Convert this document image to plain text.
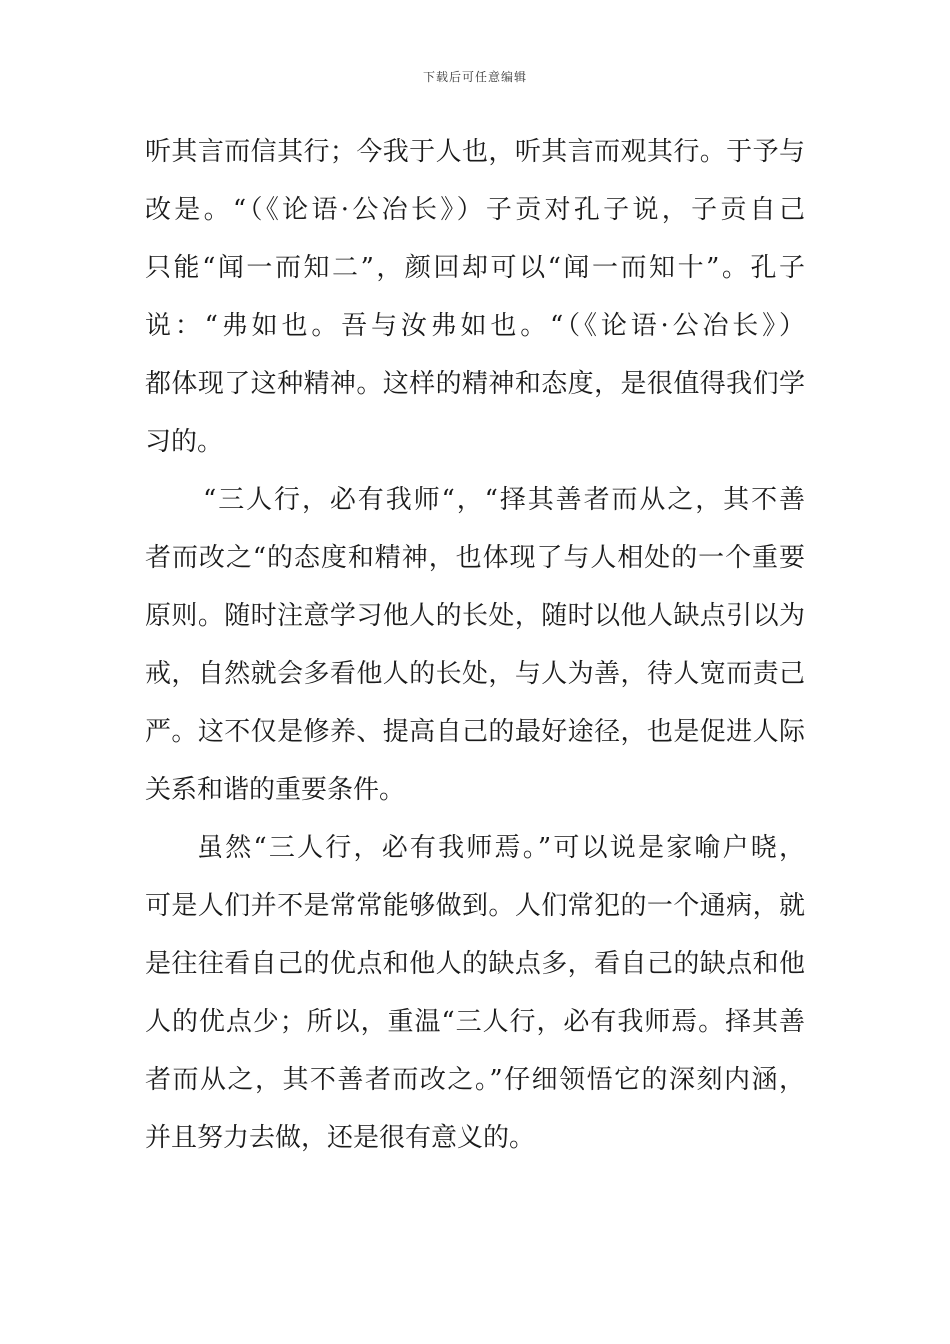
下载后可任意编辑
听其言而信其行；今我于人也，听其言而观其行。于予与
改是。“（《论语·公冶长》）子贡对孔子说，子贡自己
只能“闻一而知二”，颜回却可以“闻一而知十”。孔子
说：“弗如也。吾与汝弗如也。“（《论语·公冶长》）
都体现了这种精神。这样的精神和态度，是很值得我们学
习的。
“三人行，必有我师“，“择其善者而从之，其不善
者而改之“的态度和精神，也体现了与人相处的一个重要
原则。随时注意学习他人的长处，随时以他人缺点引以为
戒，自然就会多看他人的长处，与人为善，待人宽而责己
严。这不仅是修养、提高自己的最好途径，也是促进人际
关系和谐的重要条件。
虽然“三人行，必有我师焉。”可以说是家喻户晓，
可是人们并不是常常能够做到。人们常犯的一个通病，就
是往往看自己的优点和他人的缺点多，看自己的缺点和他
人的优点少；所以，重温“三人行，必有我师焉。择其善
者而从之，其不善者而改之。”仔细领悟它的深刻内涵，
并且努力去做，还是很有意义的。
